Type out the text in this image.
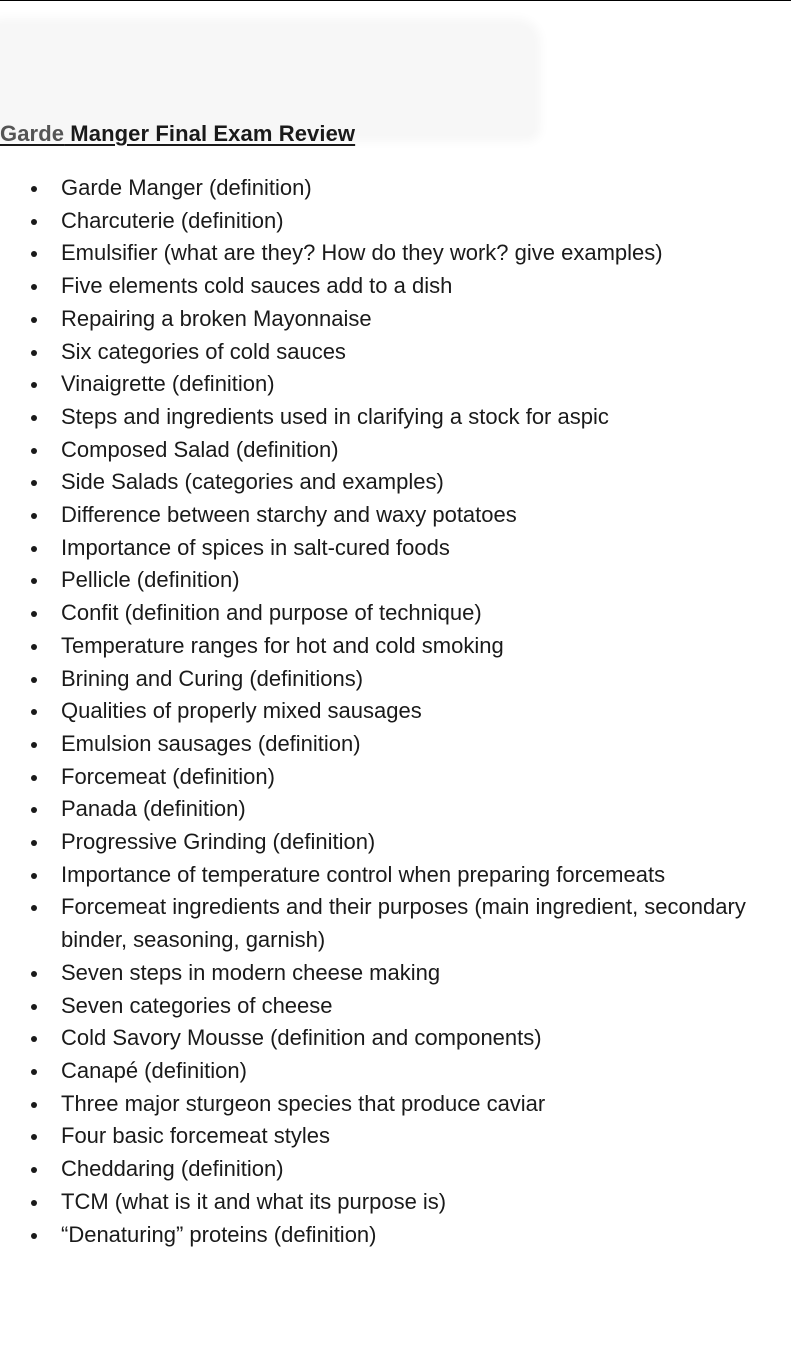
Garde Manger Final Exam Review
Garde Manger (definition)
Charcuterie (definition)
Emulsifier (what are they? How do they work? give examples)
Five elements cold sauces add to a dish
Repairing a broken Mayonnaise
Six categories of cold sauces
Vinaigrette (definition)
Steps and ingredients used in clarifying a stock for aspic
Composed Salad (definition)
Side Salads (categories and examples)
Difference between starchy and waxy potatoes
Importance of spices in salt-cured foods
Pellicle (definition)
Confit (definition and purpose of technique)
Temperature ranges for hot and cold smoking
Brining and Curing (definitions)
Qualities of properly mixed sausages
Emulsion sausages (definition)
Forcemeat (definition)
Panada (definition)
Progressive Grinding (definition)
Importance of temperature control when preparing forcemeats
Forcemeat ingredients and their purposes (main ingredient, secondary binder, seasoning, garnish)
Seven steps in modern cheese making
Seven categories of cheese
Cold Savory Mousse (definition and components)
Canapé (definition)
Three major sturgeon species that produce caviar
Four basic forcemeat styles
Cheddaring (definition)
TCM (what is it and what its purpose is)
“Denaturing” proteins (definition)
